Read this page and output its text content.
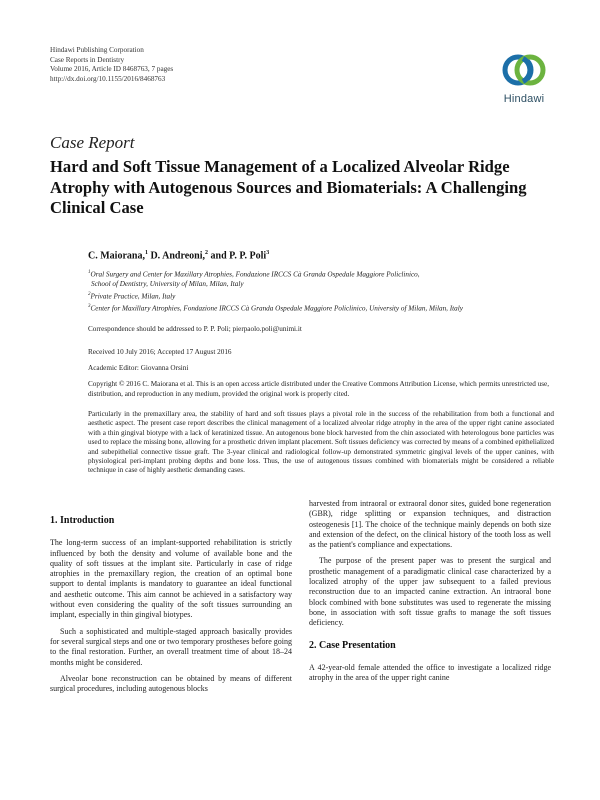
Hindawi Publishing Corporation
Case Reports in Dentistry
Volume 2016, Article ID 8468763, 7 pages
http://dx.doi.org/10.1155/2016/8468763
Hindawi
Case Report
Hard and Soft Tissue Management of a Localized Alveolar Ridge Atrophy with Autogenous Sources and Biomaterials: A Challenging Clinical Case
C. Maiorana,$^1$ D. Andreoni,$^2$ and P. P. Poli$^3$
$^1$Oral Surgery and Center for Maxillary Atrophies, Fondazione IRCCS Cà Granda Ospedale Maggiore Policlinico,
School of Dentistry, University of Milan, Milan, Italy
$^2$Private Practice, Milan, Italy
$^3$Center for Maxillary Atrophies, Fondazione IRCCS Cà Granda Ospedale Maggiore Policlinico, University of Milan, Milan, Italy
Correspondence should be addressed to P. P. Poli; pierpaolo.poli@unimi.it
Received 10 July 2016; Accepted 17 August 2016
Academic Editor: Giovanna Orsini
Copyright © 2016 C. Maiorana et al. This is an open access article distributed under the Creative Commons Attribution License, which permits unrestricted use, distribution, and reproduction in any medium, provided the original work is properly cited.
Particularly in the premaxillary area, the stability of hard and soft tissues plays a pivotal role in the success of the rehabilitation from both a functional and aesthetic aspect. The present case report describes the clinical management of a localized alveolar ridge atrophy in the area of the upper right canine associated with a thin gingival biotype with a lack of keratinized tissue. An autogenous bone block harvested from the chin associated with heterologous bone particles was used to replace the missing bone, allowing for a prosthetic driven implant placement. Soft tissues deficiency was corrected by means of a combined epithelialized and subepithelial connective tissue graft. The 3-year clinical and radiological follow-up demonstrated symmetric gingival levels of the upper canines, with physiological peri-implant probing depths and bone loss. Thus, the use of autogenous tissues combined with biomaterials might be considered a reliable technique in case of highly aesthetic demanding cases.
1. Introduction

The long-term success of an implant-supported rehabilitation is strictly influenced by both the density and volume of available bone and the quality of soft tissues at the implant site. Particularly in case of ridge atrophies in the premaxillary region, the creation of an optimal bone support to dental implants is mandatory to guarantee an ideal functional and aesthetic outcome. This aim cannot be achieved in a satisfactory way without even considering the quality of the soft tissues surrounding an implant, especially in thin gingival biotypes.

Such a sophisticated and multiple-staged approach basically provides for several surgical steps and one or two temporary prostheses before going to the final restoration. Further, an overall treatment time of about 18–24 months might be considered.

Alveolar bone reconstruction can be obtained by means of different surgical procedures, including autogenous blocks

harvested from intraoral or extraoral donor sites, guided bone regeneration (GBR), ridge splitting or expansion techniques, and distraction osteogenesis [1]. The choice of the technique mainly depends on both size and extension of the defect, on the clinical history of the tooth loss as well as the patient's compliance and expectations.

The purpose of the present paper was to present the surgical and prosthetic management of a paradigmatic clinical case characterized by a localized atrophy of the upper jaw subsequent to a failed previous reconstruction due to an impacted canine extraction. An intraoral bone block combined with bone substitutes was used to regenerate the missing bone, in association with soft tissue grafts to manage the soft tissues deficiency.

2. Case Presentation

A 42-year-old female attended the office to investigate a localized ridge atrophy in the area of the upper right canine
